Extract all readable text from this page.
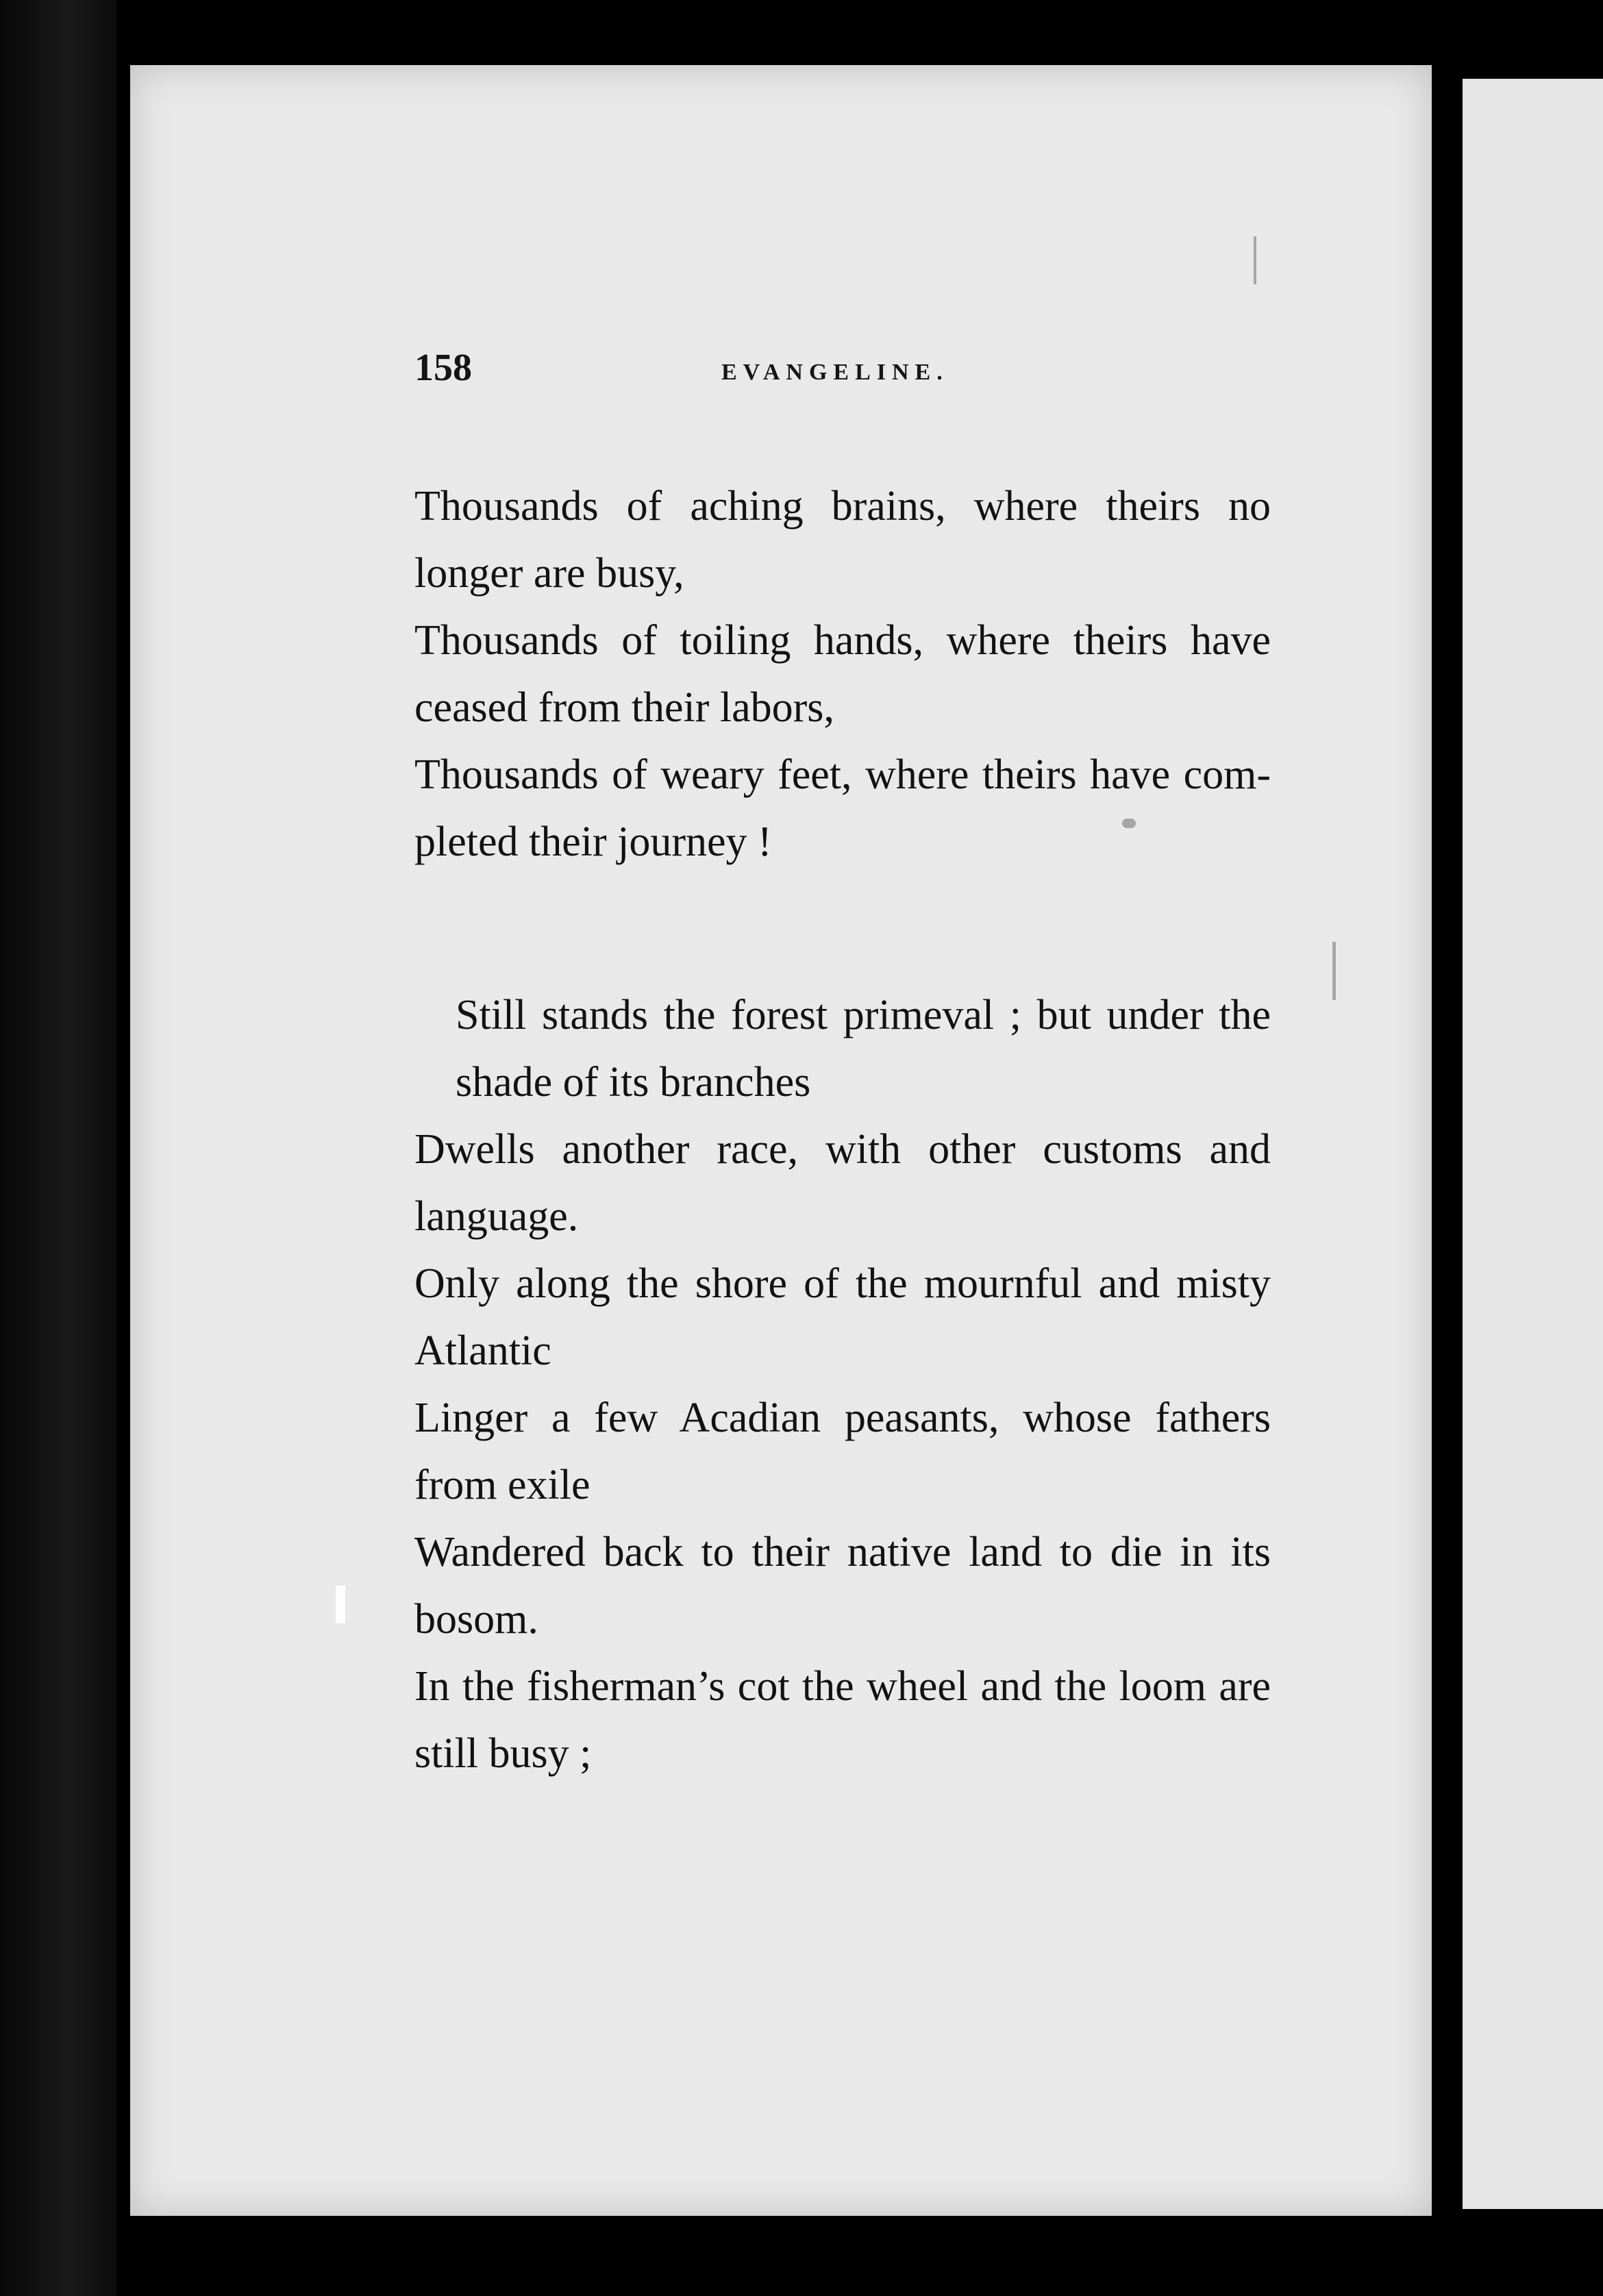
158	EVANGELINE.

Thousands of aching brains, where theirs no
longer are busy,

Thousands of toiling hands, where theirs have
ceased from their labors,

Thousands of weary feet, where theirs have com-
pleted their journey !

Still stands the forest primeval ; but under the
shade of its branches

Dwells another race, with other customs and
language.

Only along the shore of the mournful and misty
Atlantic

Linger a few Acadian peasants, whose fathers
from exile

Wandered back to their native land to die in its
bosom.

In the fisherman’s cot the wheel and the loom are
still busy ;
